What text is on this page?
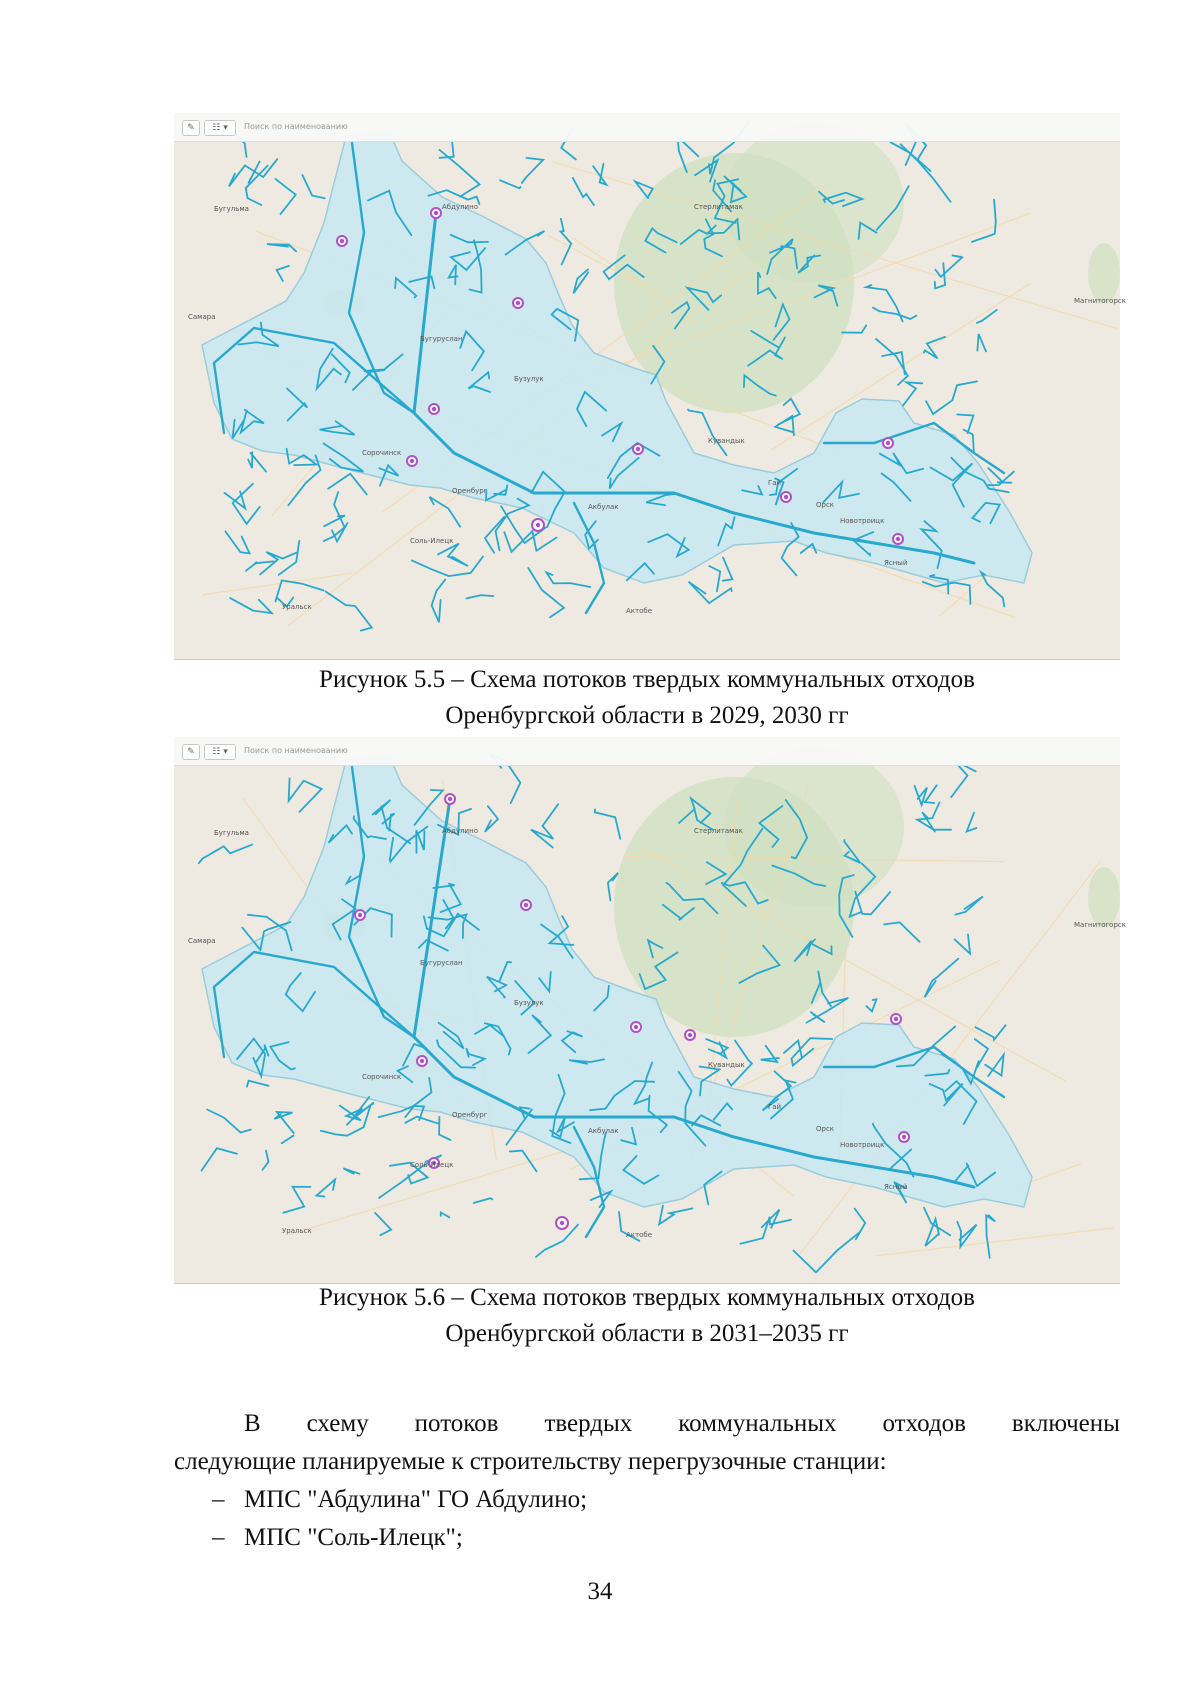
Самара
Оренбург
Орск
Бугуруслан
Бузулук
Соль-Илецк
Кувандык
Гай
Новотроицк
Ясный
Акбулак
Сорочинск
Абдулино
Бугульма	Стерлитамак
Магнитогорск
Уральск	Актобе
✎	☷ ▾	Поиск по наименованию
Рисунок 5.5 – Схема потоков твердых коммунальных отходов
Оренбургской области в 2029, 2030 гг
Самара
Оренбург
Орск
Бугуруслан
Бузулук
Соль-Илецк
Кувандык
Гай
Новотроицк
Ясный
Акбулак
Сорочинск
Абдулино
Бугульма	Стерлитамак
Магнитогорск
Уральск	Актобе
✎	☷ ▾	Поиск по наименованию
Рисунок 5.6 – Схема потоков твердых коммунальных отходов
Оренбургской области в 2031–2035 гг
В схему потоков твердых коммунальных отходов включены
следующие планируемые к строительству перегрузочные станции:
– МПС "Абдулина" ГО Абдулино;
– МПС "Соль-Илецк";
34
